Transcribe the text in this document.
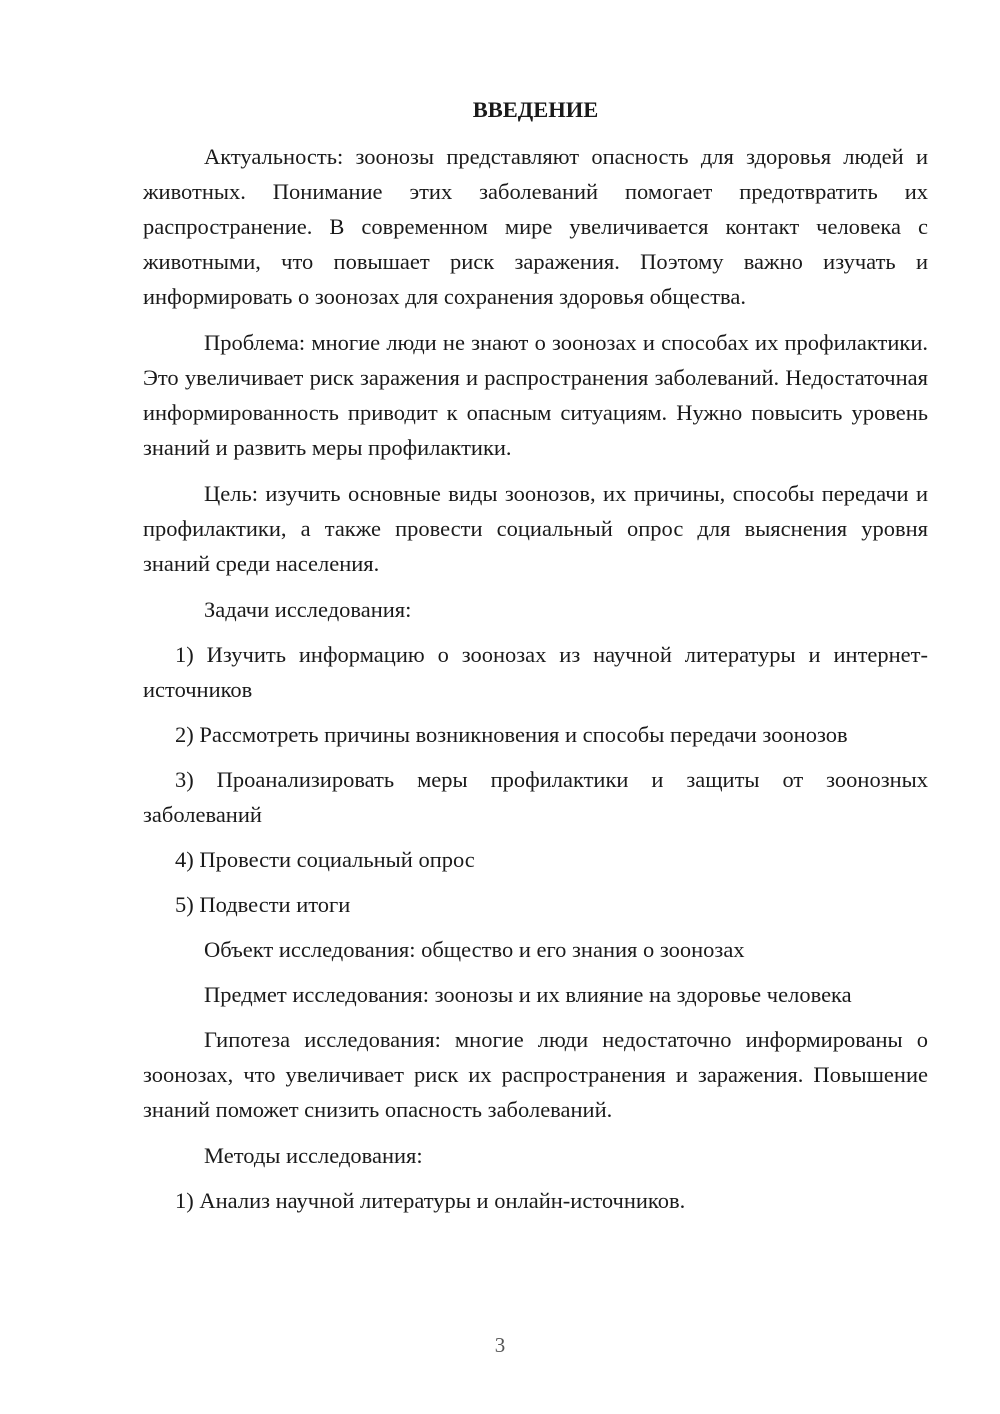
ВВЕДЕНИЕ

Актуальность: зоонозы представляют опасность для здоровья людей и животных. Понимание этих заболеваний помогает предотвратить их распространение. В современном мире увеличивается контакт человека с животными, что повышает риск заражения. Поэтому важно изучать и информировать о зоонозах для сохранения здоровья общества.

Проблема: многие люди не знают о зоонозах и способах их профилактики. Это увеличивает риск заражения и распространения заболеваний. Недостаточная информированность приводит к опасным ситуациям. Нужно повысить уровень знаний и развить меры профилактики.

Цель: изучить основные виды зоонозов, их причины, способы передачи и профилактики, а также провести социальный опрос для выяснения уровня знаний среди населения.

Задачи исследования:

1) Изучить информацию о зоонозах из научной литературы и интернет-источников

2) Рассмотреть причины возникновения и способы передачи зоонозов

3) Проанализировать меры профилактики и защиты от зоонозных заболеваний

4) Провести социальный опрос

5) Подвести итоги

Объект исследования: общество и его знания о зоонозах

Предмет исследования: зоонозы и их влияние на здоровье человека

Гипотеза исследования: многие люди недостаточно информированы о зоонозах, что увеличивает риск их распространения и заражения. Повышение знаний поможет снизить опасность заболеваний.

Методы исследования:

1) Анализ научной литературы и онлайн-источников.

3
